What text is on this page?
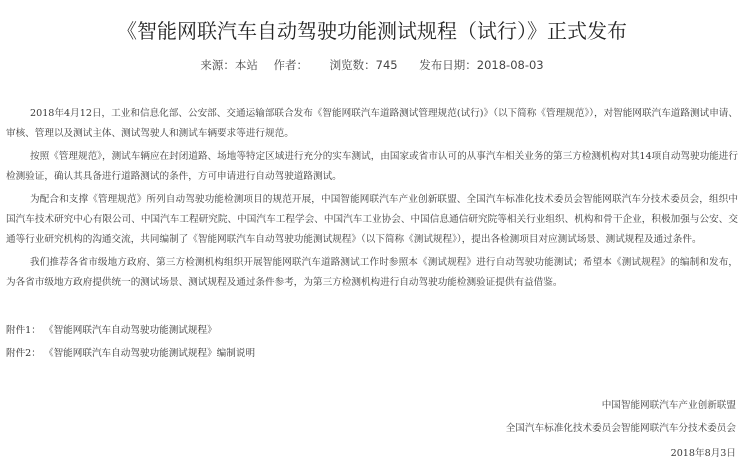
《智能网联汽车自动驾驶功能测试规程（试行）》正式发布
来源：本站 作者： 浏览数：745 发布日期：2018-08-03

2018年4月12日，工业和信息化部、公安部、交通运输部联合发布《智能网联汽车道路测试管理规范(试行)》（以下简称《管理规范》），对智能网联汽车道路测试申请、审核、管理以及测试主体、测试驾驶人和测试车辆要求等进行规范。

按照《管理规范》，测试车辆应在封闭道路、场地等特定区域进行充分的实车测试，由国家或省市认可的从事汽车相关业务的第三方检测机构对其14项自动驾驶功能进行检测验证，确认其具备进行道路测试的条件，方可申请进行自动驾驶道路测试。

为配合和支撑《管理规范》所列自动驾驶功能检测项目的规范开展，中国智能网联汽车产业创新联盟、全国汽车标准化技术委员会智能网联汽车分技术委员会，组织中国汽车技术研究中心有限公司、中国汽车工程研究院、中国汽车工程学会、中国汽车工业协会、中国信息通信研究院等相关行业组织、机构和骨干企业，积极加强与公安、交通等行业研究机构的沟通交流，共同编制了《智能网联汽车自动驾驶功能测试规程》（以下简称《测试规程》），提出各检测项目对应测试场景、测试规程及通过条件。

我们推荐各省市级地方政府、第三方检测机构组织开展智能网联汽车道路测试工作时参照本《测试规程》进行自动驾驶功能测试；希望本《测试规程》的编制和发布，为各省市级地方政府提供统一的测试场景、测试规程及通过条件参考，为第三方检测机构进行自动驾驶功能检测验证提供有益借鉴。

附件1： 《智能网联汽车自动驾驶功能测试规程》

附件2： 《智能网联汽车自动驾驶功能测试规程》编制说明

中国智能网联汽车产业创新联盟
全国汽车标准化技术委员会智能网联汽车分技术委员会
2018年8月3日
